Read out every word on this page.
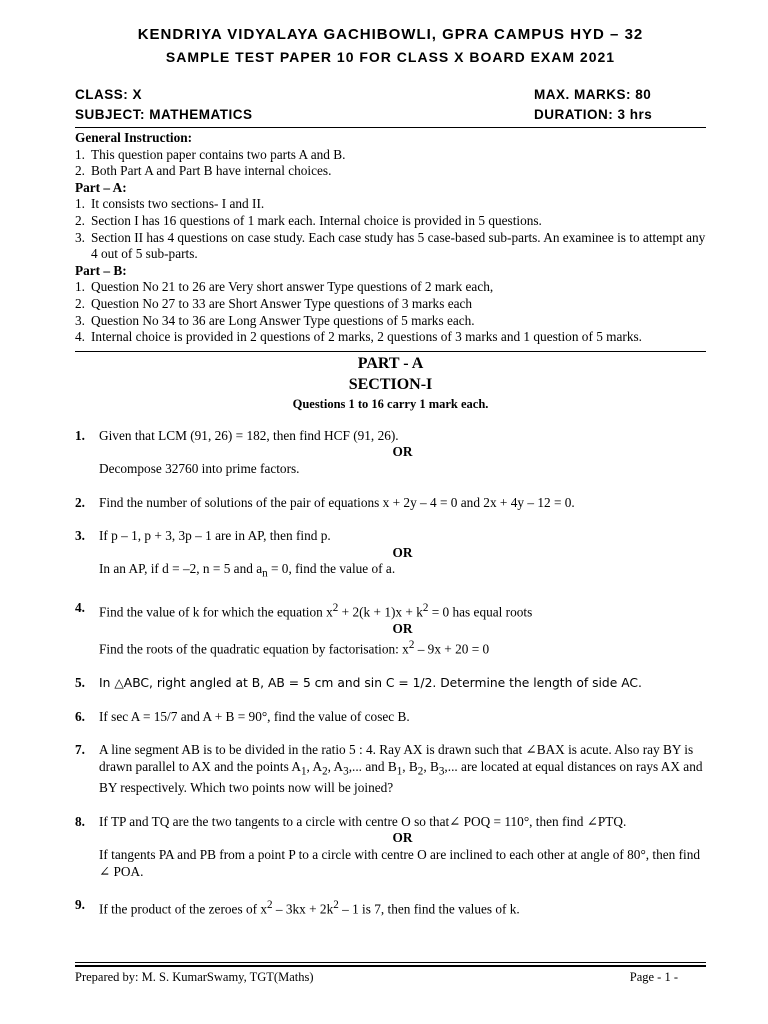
KENDRIYA VIDYALAYA GACHIBOWLI, GPRA CAMPUS HYD – 32
SAMPLE TEST PAPER 10 FOR CLASS X BOARD EXAM 2021
CLASS: X	MAX. MARKS: 80
SUBJECT: MATHEMATICS	DURATION: 3 hrs
General Instruction:
1. This question paper contains two parts A and B.
2. Both Part A and Part B have internal choices.
Part – A:
1. It consists two sections- I and II.
2. Section I has 16 questions of 1 mark each. Internal choice is provided in 5 questions.
3. Section II has 4 questions on case study. Each case study has 5 case-based sub-parts. An examinee is to attempt any 4 out of 5 sub-parts.
Part – B:
1. Question No 21 to 26 are Very short answer Type questions of 2 mark each,
2. Question No 27 to 33 are Short Answer Type questions of 3 marks each
3. Question No 34 to 36 are Long Answer Type questions of 5 marks each.
4. Internal choice is provided in 2 questions of 2 marks, 2 questions of 3 marks and 1 question of 5 marks.
PART - A
SECTION-I
Questions 1 to 16 carry 1 mark each.
1.	Given that LCM (91, 26) = 182, then find HCF (91, 26).
OR
Decompose 32760 into prime factors.
2.	Find the number of solutions of the pair of equations x + 2y – 4 = 0 and 2x + 4y – 12 = 0.
3.	If p – 1, p + 3, 3p – 1 are in AP, then find p.
OR
In an AP, if d = –2, n = 5 and $a_n = 0$, find the value of a.
4.	Find the value of k for which the equation $x^2 + 2(k + 1)x + k^2 = 0$ has equal roots
OR
Find the roots of the quadratic equation by factorisation: $x^2 - 9x + 20 = 0$
5.	In △ABC, right angled at B, AB = 5 cm and sin C = 1/2. Determine the length of side AC.
6.	If sec A = 15/7 and A + B = 90°, find the value of cosec B.
7.	A line segment AB is to be divided in the ratio 5 : 4. Ray AX is drawn such that ∠BAX is acute. Also ray BY is drawn parallel to AX and the points $A_1$, $A_2$, $A_3$,... and $B_1$, $B_2$, $B_3$,... are located at equal distances on rays AX and BY respectively. Which two points now will be joined?
8.	If TP and TQ are the two tangents to a circle with centre O so that∠ POQ = 110°, then find ∠PTQ.
OR
If tangents PA and PB from a point P to a circle with centre O are inclined to each other at angle of 80°, then find ∠ POA.
9.	If the product of the zeroes of $x^2 - 3kx + 2k^2 - 1$ is 7, then find the values of k.
Prepared by: M. S. KumarSwamy, TGT(Maths)	Page - 1 -
